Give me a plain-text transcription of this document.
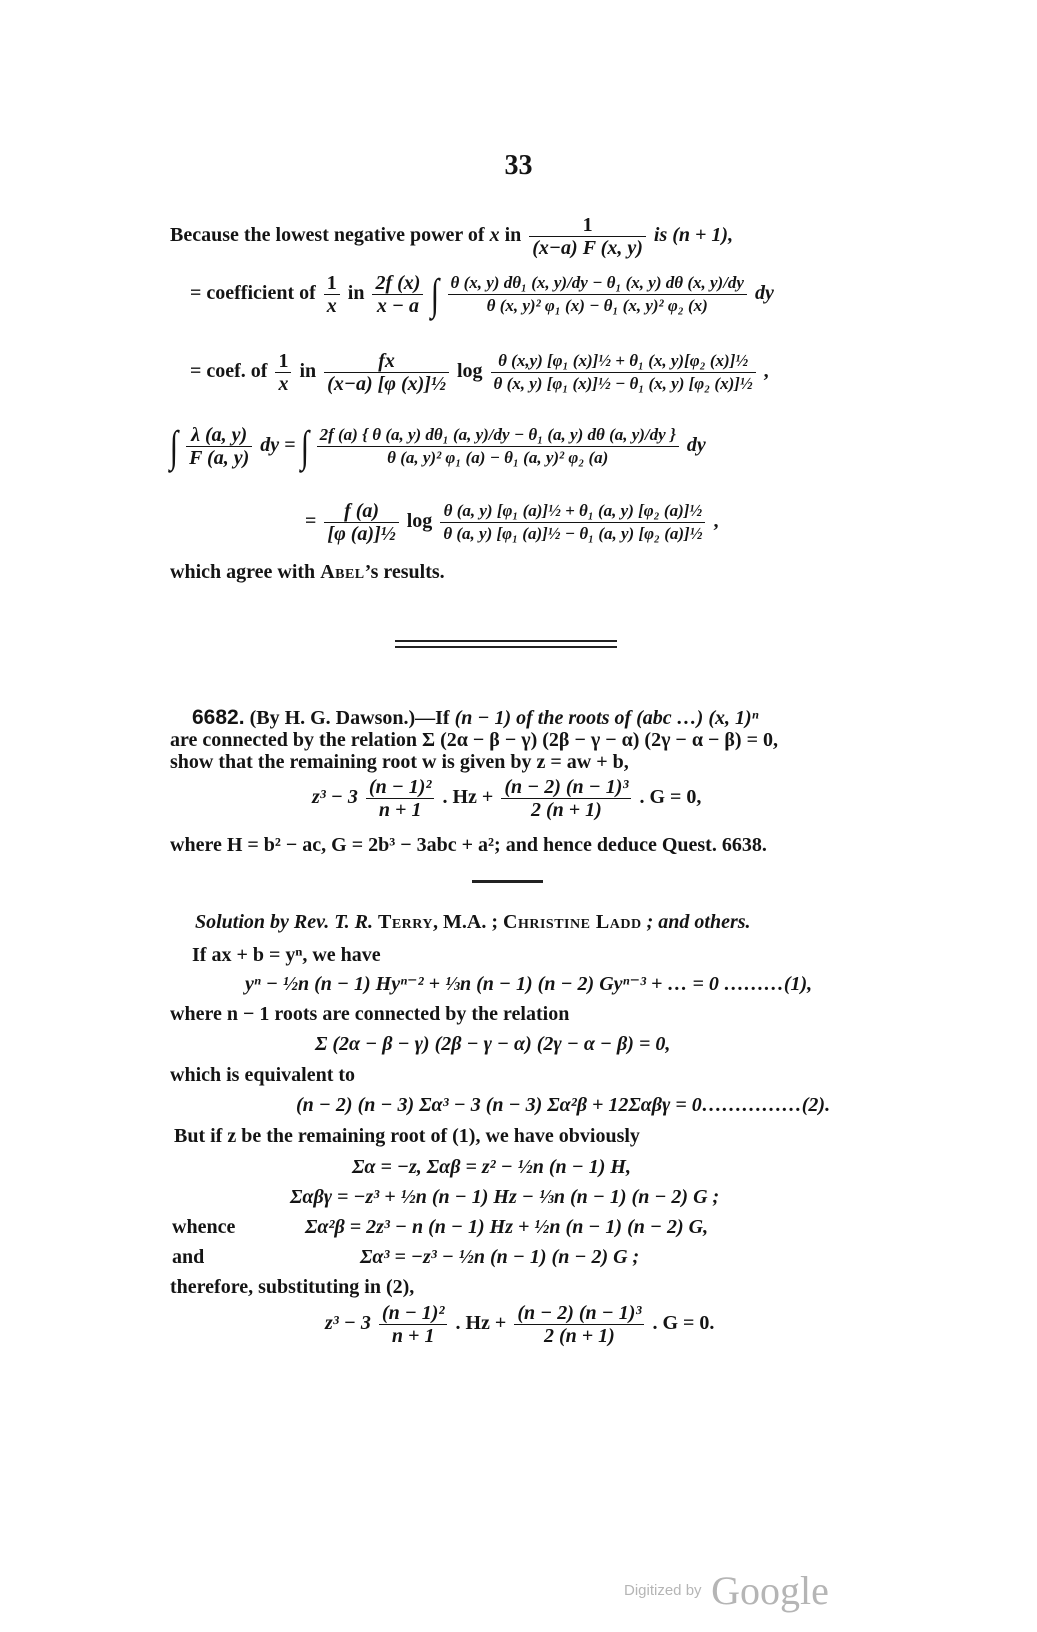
33
Because the lowest negative power of x in $\frac{1}{(x-a) F (x, y)}$ is (n + 1),
= coefficient of $\frac{1}{x}$ in $\frac{2f (x)}{x - a}$ ∫ $\frac{\text{θ (x, y) dθ₁ (x, y)/dy − θ₁ (x, y) dθ (x, y)/dy}}{\text{θ (x, y)² φ₁ (x) − θ₁ (x, y)² φ₂ (x)}}$ dy
= coef. of $\frac{1}{x}$ in $\frac{fx}{\text{(x−a) [φ (x)]½}}$ $\log \frac{\text{θ (x,y) [φ₁ (x)]½ + θ₁ (x, y)[φ₂ (x)]½}}{\text{θ (x, y) [φ₁ (x)]½ − θ₁ (x, y) [φ₂ (x)]½}}$ ,
∫ $\frac{\lambda (a, y)}{F (a, y)}$ dy = ∫ $\frac{\text{2f (a) \{ θ (a, y) dθ₁ (a, y)/dy − θ₁ (a, y) dθ (a, y)/dy \}}}{\text{θ (a, y)² φ₁ (a) − θ₁ (a, y)² φ₂ (a)}}$ dy
= $\frac{f (a)}{\text{[φ (a)]½}}$ $\log \frac{\text{θ (a, y) [φ₁ (a)]½ + θ₁ (a, y) [φ₂ (a)]½}}{\text{θ (a, y) [φ₁ (a)]½ − θ₁ (a, y) [φ₂ (a)]½}}$ ,
which agree with Abel’s results.
6682. (By H. G. Dawson.)—If (n − 1) of the roots of (abc …) (x, 1)ⁿ
are connected by the relation Σ (2α − β − γ) (2β − γ − α) (2γ − α − β) = 0,
show that the remaining root w is given by z = aw + b,
$z^3 - 3 \frac{\text{(n − 1)²}}{n + 1}$ . $Hz + \frac{\text{(n − 2) (n − 1)³}}{2 (n + 1)}$ . G = 0,
where H = b² − ac, G = 2b³ − 3abc + a²; and hence deduce Quest. 6638.
Solution by Rev. T. R. Terry, M.A. ; Christine Ladd ; and others.
If ax + b = yⁿ, we have
yⁿ − ½n (n − 1) Hyⁿ⁻² + ⅓n (n − 1) (n − 2) Gyⁿ⁻³ + … = 0 ………(1),
where n − 1 roots are connected by the relation
Σ (2α − β − γ) (2β − γ − α) (2γ − α − β) = 0,
which is equivalent to
(n − 2) (n − 3) Σα³ − 3 (n − 3) Σα²β + 12Σαβγ = 0……………(2).
But if z be the remaining root of (1), we have obviously
Σα = −z, Σαβ = z² − ½n (n − 1) H,
Σαβγ = −z³ + ½n (n − 1) Hz − ⅓n (n − 1) (n − 2) G ;
whence	Σα²β = 2z³ − n (n − 1) Hz + ½n (n − 1) (n − 2) G,
and	Σα³ = −z³ − ½n (n − 1) (n − 2) G ;
therefore, substituting in (2),
$z^3 - 3 \frac{\text{(n − 1)²}}{n + 1}$ . $Hz + \frac{\text{(n − 2) (n − 1)³}}{2 (n + 1)}$ . G = 0.
Digitized by Google
